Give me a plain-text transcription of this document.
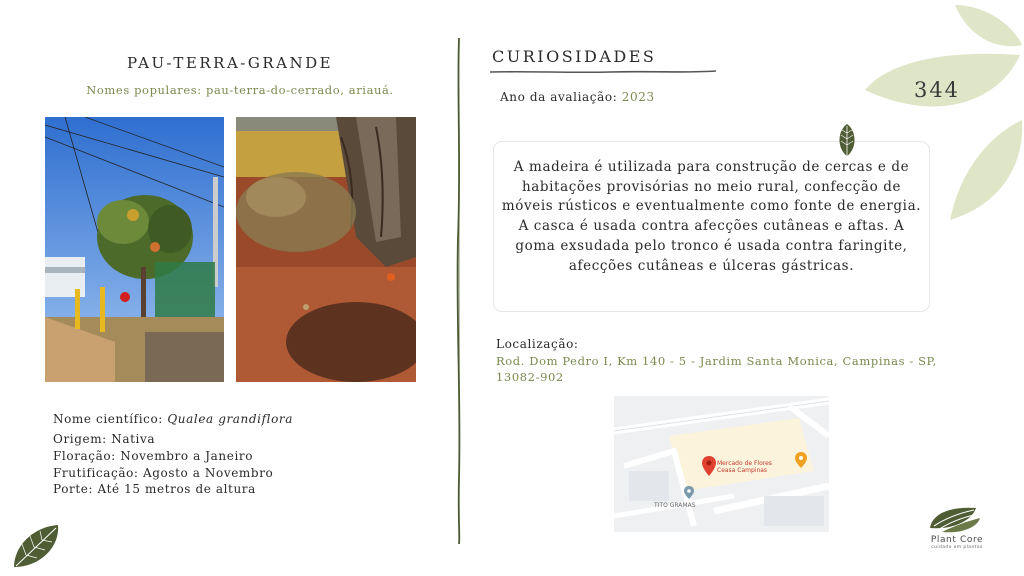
PAU-TERRA-GRANDE
Nomes populares: pau-terra-do-cerrado, ariauá.
Nome científico: Qualea grandiflora
Origem: Nativa
Floração: Novembro a Janeiro
Frutificação: Agosto a Novembro
Porte: Até 15 metros de altura
CURIOSIDADES
Ano da avaliação: 2023
A madeira é utilizada para construção de cercas e de habitações provisórias no meio rural, confecção de móveis rústicos e eventualmente como fonte de energia. A casca é usada contra afecções cutâneas e aftas. A goma exsudada pelo tronco é usada contra faringite, afecções cutâneas e úlceras gástricas.
Localização:
Rod. Dom Pedro I, Km 140 - 5 - Jardim Santa Monica, Campinas - SP, 13082-902
Mercado de Flores
Ceasa Campinas
TITO GRAMAS
344
Plant Core
cuidado em plantas
